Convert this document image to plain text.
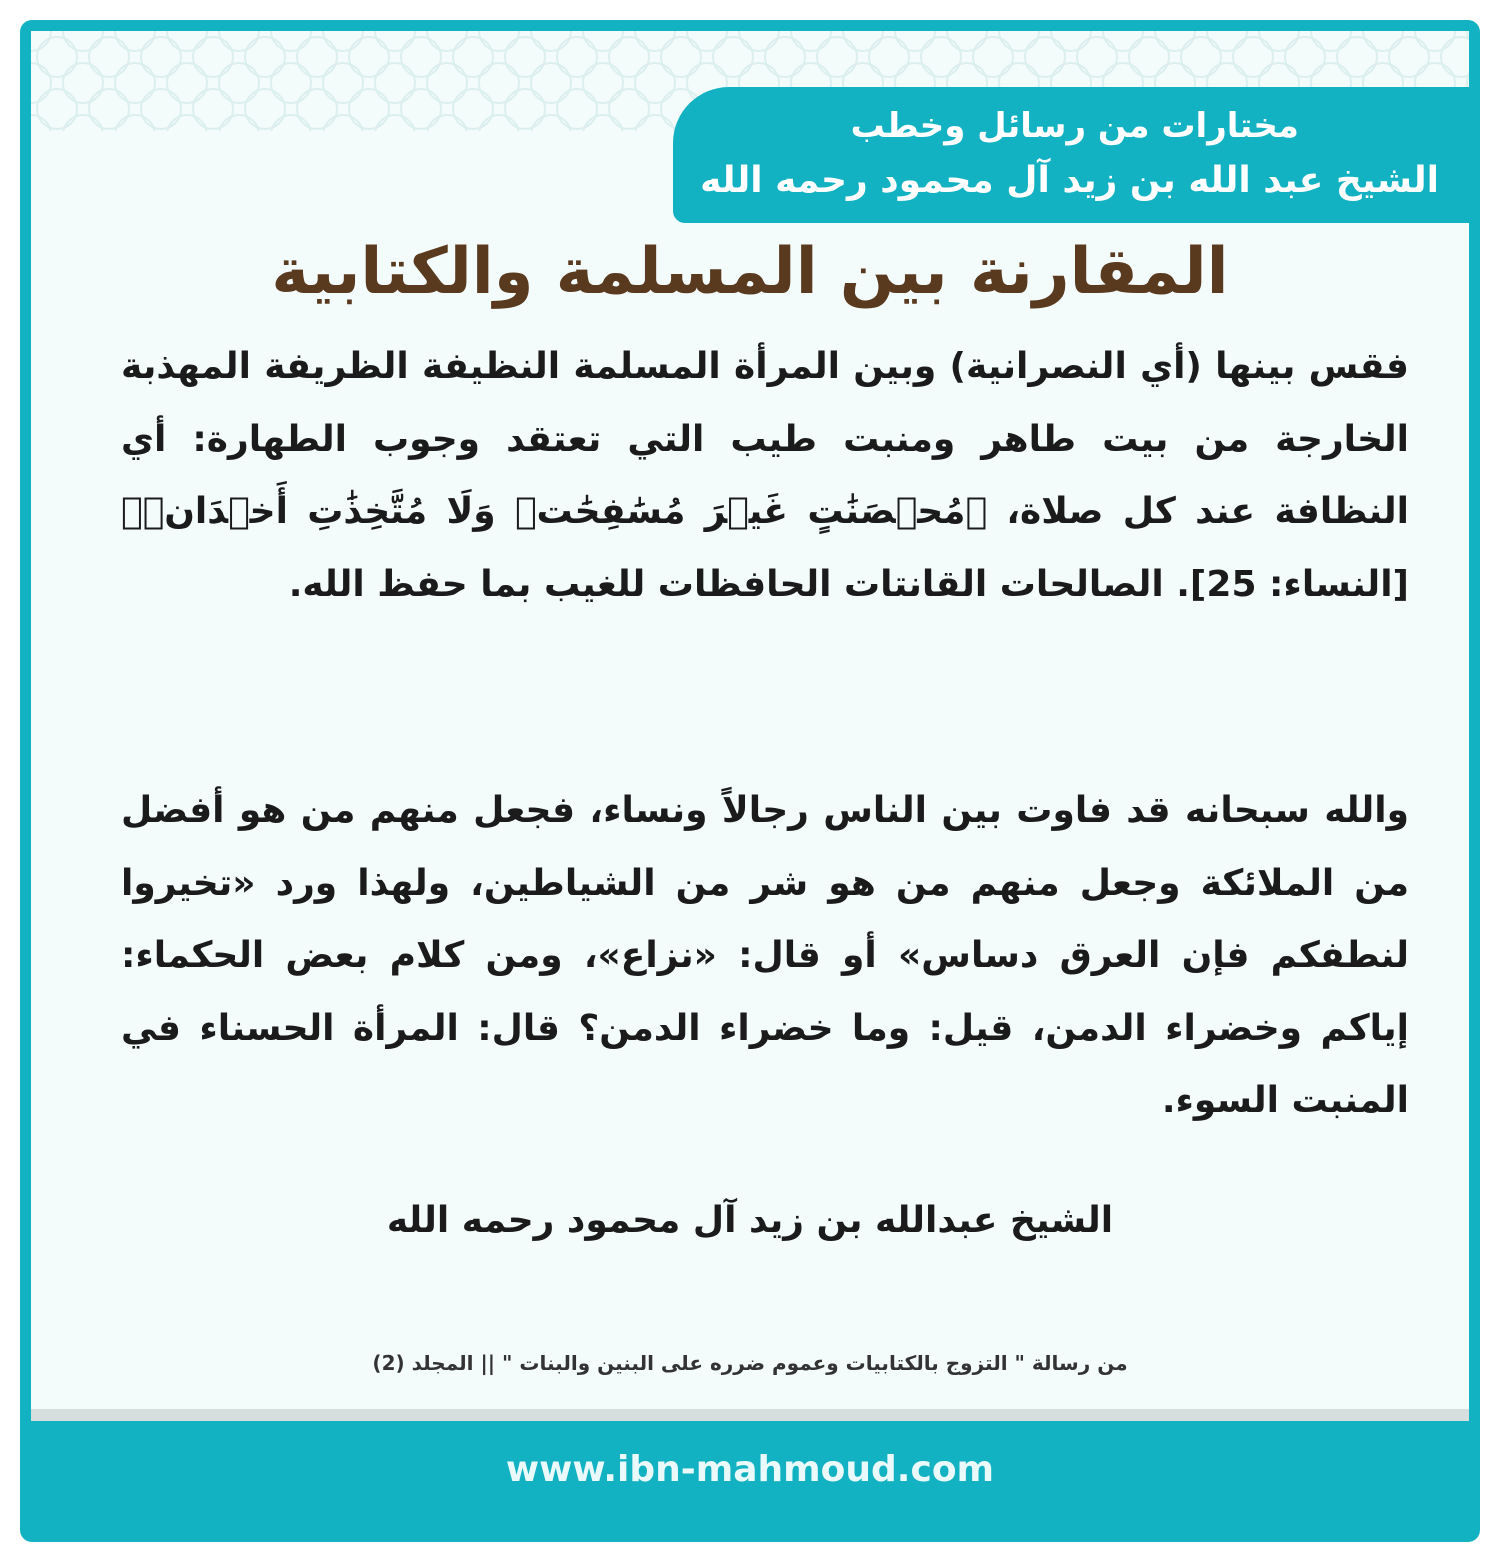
مختارات من رسائل وخطب
الشيخ عبد الله بن زيد آل محمود رحمه الله
المقارنة بين المسلمة والكتابية
فقس بينها (أي النصرانية) وبين المرأة المسلمة النظيفة الظريفة المهذبة الخارجة من بيت طاهر ومنبت طيب التي تعتقد وجوب الطهارة: أي النظافة عند كل صلاة، ﴿مُحۡصَنَٰتٍ غَيۡرَ مُسَٰفِحَٰتٖ وَلَا مُتَّخِذَٰتِ أَخۡدَانٖ﴾ [النساء: 25]. الصالحات القانتات الحافظات للغيب بما حفظ الله.
والله سبحانه قد فاوت بين الناس رجالاً ونساء، فجعل منهم من هو أفضل من الملائكة وجعل منهم من هو شر من الشياطين، ولهذا ورد «تخيروا لنطفكم فإن العرق دساس» أو قال: «نزاع»، ومن كلام بعض الحكماء: إياكم وخضراء الدمن، قيل: وما خضراء الدمن؟ قال: المرأة الحسناء في المنبت السوء.
الشيخ عبدالله بن زيد آل محمود رحمه الله
من رسالة " التزوج بالكتابيات وعموم ضرره على البنين والبنات " || المجلد (2)
www.ibn-mahmoud.com
